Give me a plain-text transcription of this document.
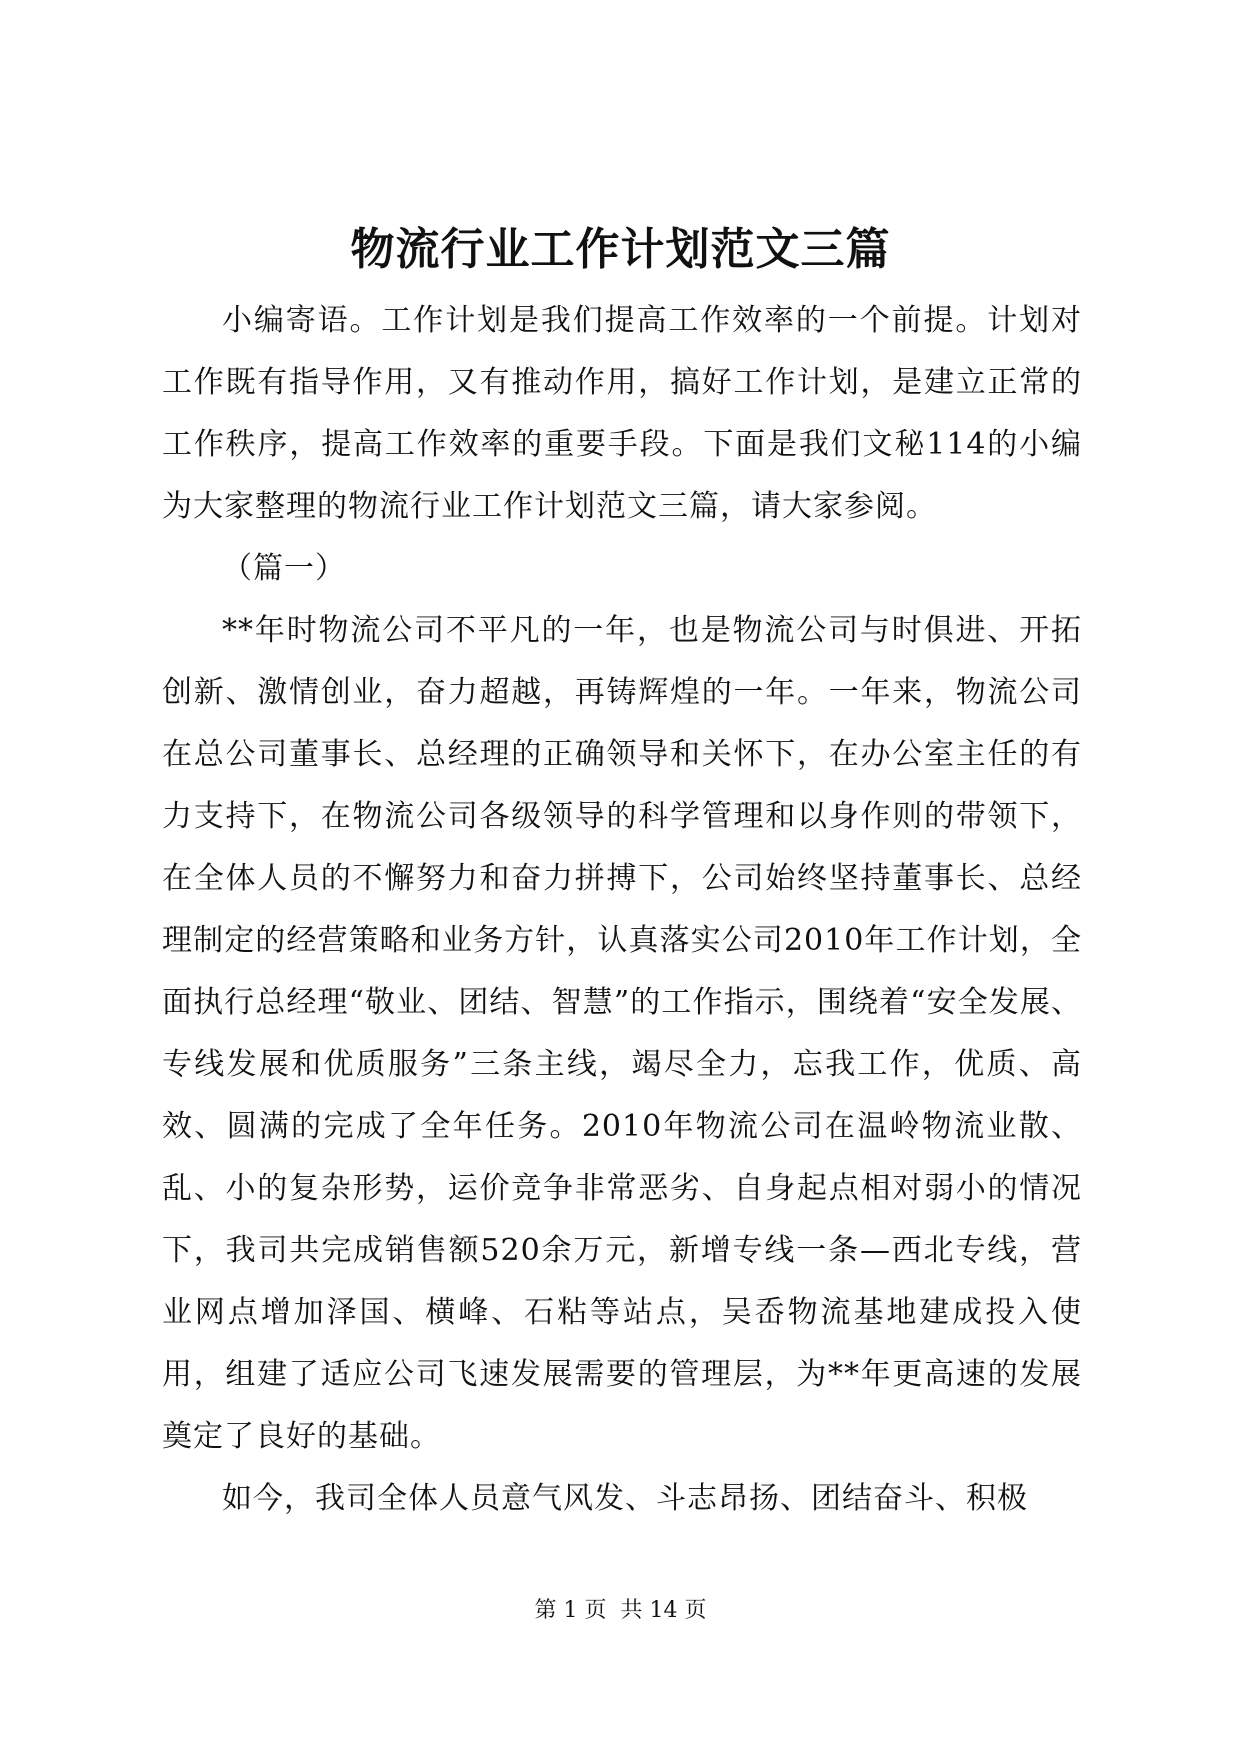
物流行业工作计划范文三篇

小编寄语。工作计划是我们提高工作效率的一个前提。计划对工作既有指导作用，又有推动作用，搞好工作计划，是建立正常的工作秩序，提高工作效率的重要手段。下面是我们文秘114的小编为大家整理的物流行业工作计划范文三篇，请大家参阅。

（篇一）

**年时物流公司不平凡的一年，也是物流公司与时俱进、开拓创新、激情创业，奋力超越，再铸辉煌的一年。一年来，物流公司在总公司董事长、总经理的正确领导和关怀下，在办公室主任的有力支持下，在物流公司各级领导的科学管理和以身作则的带领下，在全体人员的不懈努力和奋力拼搏下，公司始终坚持董事长、总经理制定的经营策略和业务方针，认真落实公司2010年工作计划，全面执行总经理“敬业、团结、智慧”的工作指示，围绕着“安全发展、专线发展和优质服务”三条主线，竭尽全力，忘我工作，优质、高效、圆满的完成了全年任务。2010年物流公司在温岭物流业散、乱、小的复杂形势，运价竞争非常恶劣、自身起点相对弱小的情况下，我司共完成销售额520余万元，新增专线一条—西北专线，营业网点增加泽国、横峰、石粘等站点，吴岙物流基地建成投入使用，组建了适应公司飞速发展需要的管理层，为**年更高速的发展奠定了良好的基础。

如今，我司全体人员意气风发、斗志昂扬、团结奋斗、积极

第 1 页  共 14 页
